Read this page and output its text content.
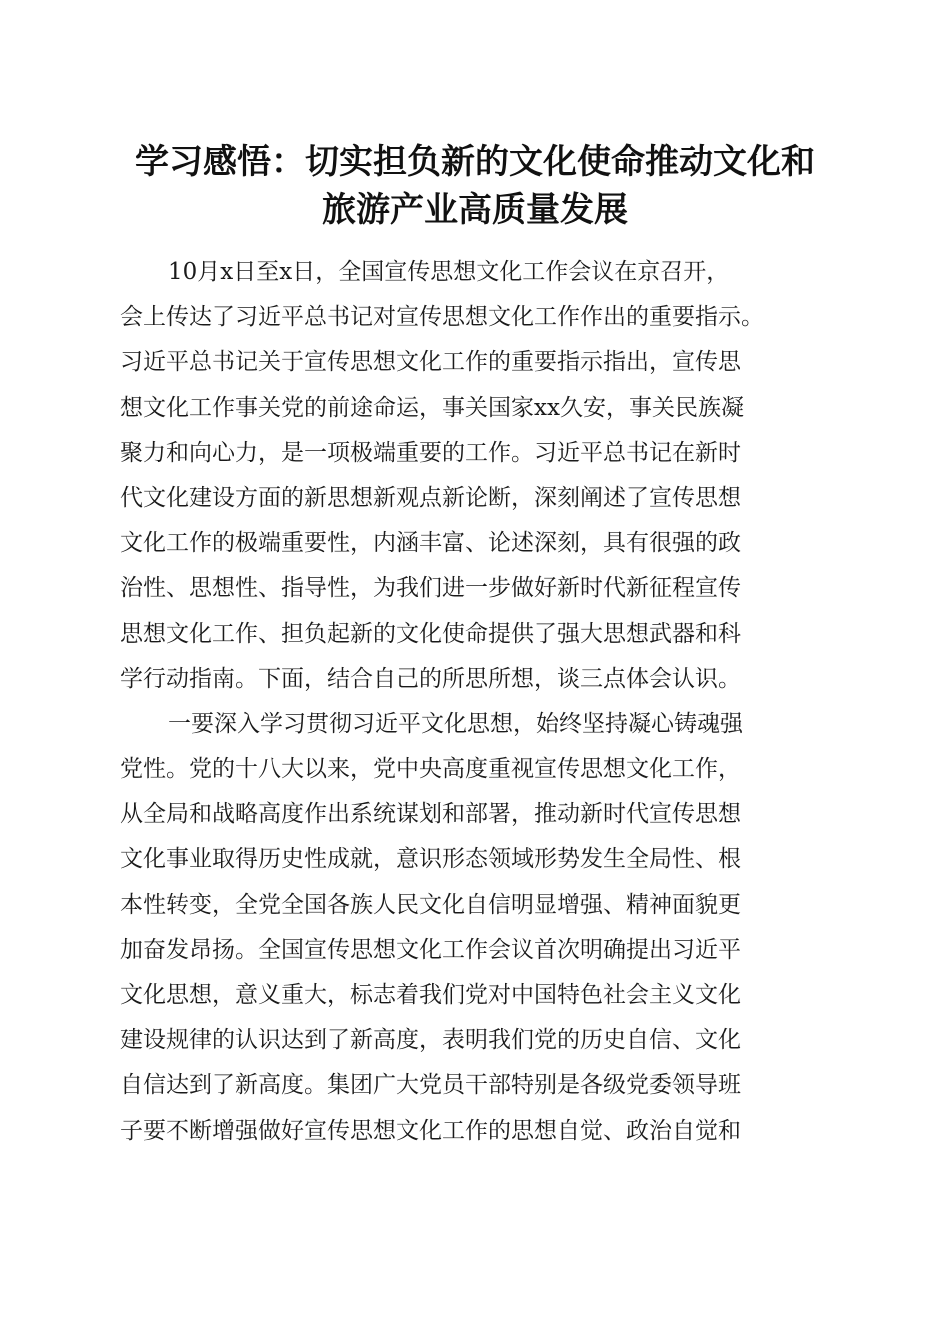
学习感悟：切实担负新的文化使命推动文化和
旅游产业高质量发展
10月x日至x日，全国宣传思想文化工作会议在京召开，
会上传达了习近平总书记对宣传思想文化工作作出的重要指示。
习近平总书记关于宣传思想文化工作的重要指示指出，宣传思
想文化工作事关党的前途命运，事关国家xx久安，事关民族凝
聚力和向心力，是一项极端重要的工作。习近平总书记在新时
代文化建设方面的新思想新观点新论断，深刻阐述了宣传思想
文化工作的极端重要性，内涵丰富、论述深刻，具有很强的政
治性、思想性、指导性，为我们进一步做好新时代新征程宣传
思想文化工作、担负起新的文化使命提供了强大思想武器和科
学行动指南。下面，结合自己的所思所想，谈三点体会认识。
一要深入学习贯彻习近平文化思想，始终坚持凝心铸魂强
党性。党的十八大以来，党中央高度重视宣传思想文化工作，
从全局和战略高度作出系统谋划和部署，推动新时代宣传思想
文化事业取得历史性成就，意识形态领域形势发生全局性、根
本性转变，全党全国各族人民文化自信明显增强、精神面貌更
加奋发昂扬。全国宣传思想文化工作会议首次明确提出习近平
文化思想，意义重大，标志着我们党对中国特色社会主义文化
建设规律的认识达到了新高度，表明我们党的历史自信、文化
自信达到了新高度。集团广大党员干部特别是各级党委领导班
子要不断增强做好宣传思想文化工作的思想自觉、政治自觉和
